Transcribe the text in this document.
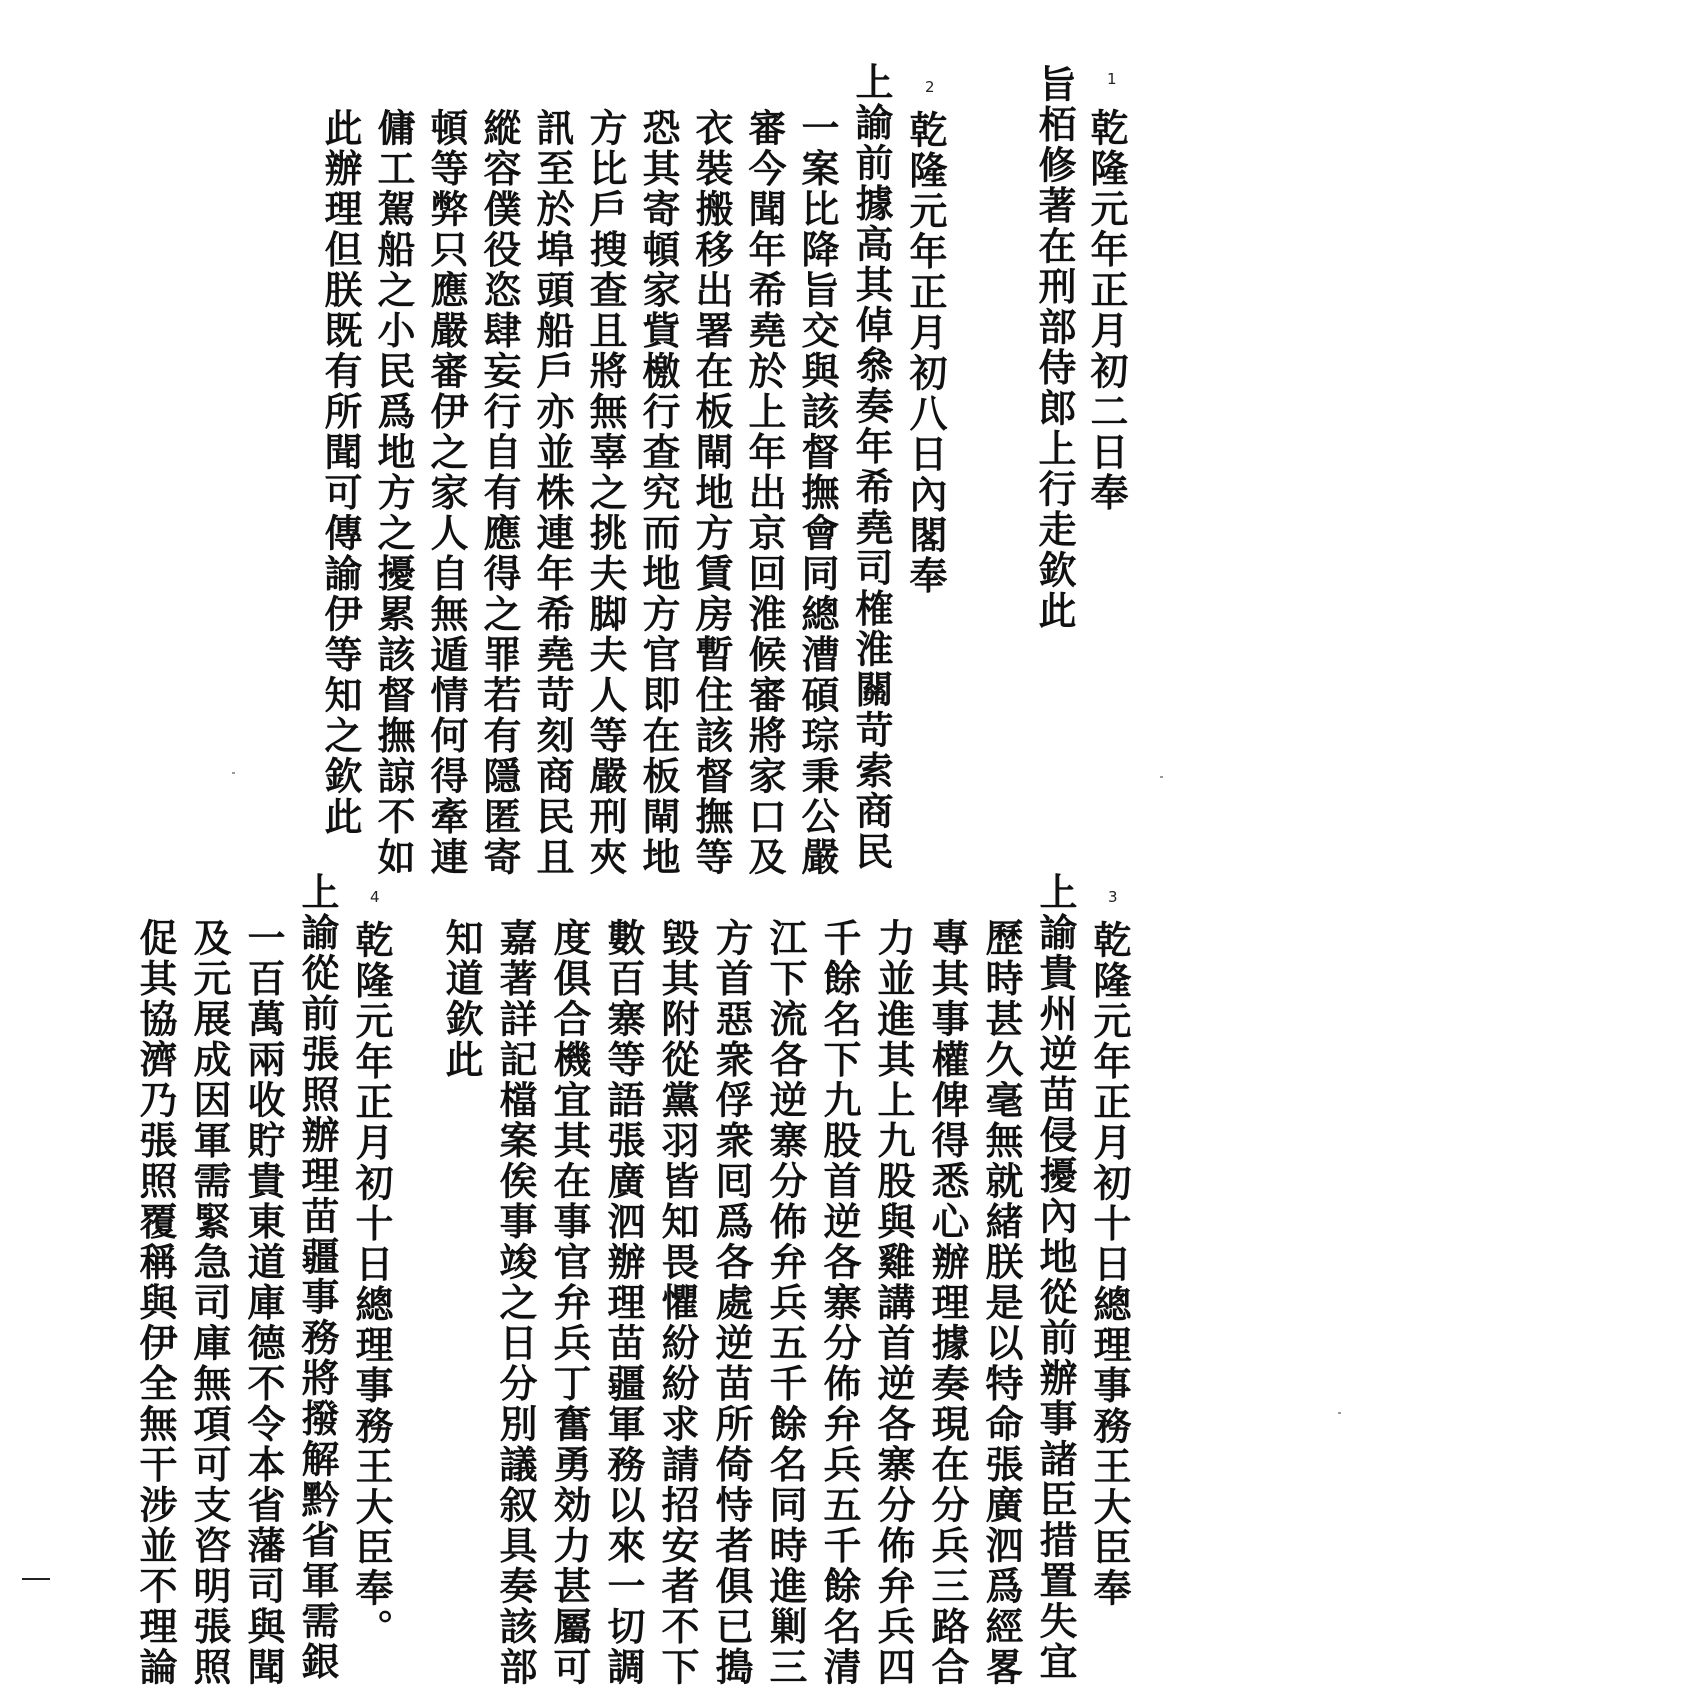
1
乾隆元年正月初二日奉
旨栢修著在刑部侍郎上行走欽此
2
乾隆元年正月初八日內閣奉
上諭前據高其倬叅奏年希堯司榷淮關苛索商民
一案比降旨交與該督撫會同總漕碩琮秉公嚴
審今聞年希堯於上年出京回淮候審將家口及
衣裝搬移出署在板閘地方賃房暫住該督撫等
恐其寄頓家貲檄行查究而地方官即在板閘地
方比戶搜查且將無辜之挑夫脚夫人等嚴刑夾
訊至於埠頭船戶亦並株連年希堯苛刻商民且
縱容僕役恣肆妄行自有應得之罪若有隱匿寄
頓等弊只應嚴審伊之家人自無遁情何得牽連
傭工駕船之小民爲地方之擾累該督撫諒不如
此辦理但朕既有所聞可傳諭伊等知之欽此
3
乾隆元年正月初十日總理事務王大臣奉
上諭貴州逆苗侵擾內地從前辦事諸臣措置失宜
歷時甚久毫無就緒朕是以特命張廣泗爲經畧
專其事權俾得悉心辦理據奏現在分兵三路合
力並進其上九股與雞講首逆各寨分佈弁兵四
千餘名下九股首逆各寨分佈弁兵五千餘名清
江下流各逆寨分佈弁兵五千餘名同時進剿三
方首惡衆俘衆囘爲各處逆苗所倚恃者俱已搗
毀其附從黨羽皆知畏懼紛紛求請招安者不下
數百寨等語張廣泗辦理苗疆軍務以來一切調
度俱合機宜其在事官弁兵丁奮勇効力甚屬可
嘉著詳記檔案俟事竣之日分別議叙具奏該部
知道欽此
4
乾隆元年正月初十日總理事務王大臣奉。
上諭從前張照辦理苗疆事務將撥解黔省軍需銀
一百萬兩收貯貴東道庫德不令本省藩司與聞
及元展成因軍需緊急司庫無項可支咨明張照
促其協濟乃張照覆稱與伊全無干涉並不理論
